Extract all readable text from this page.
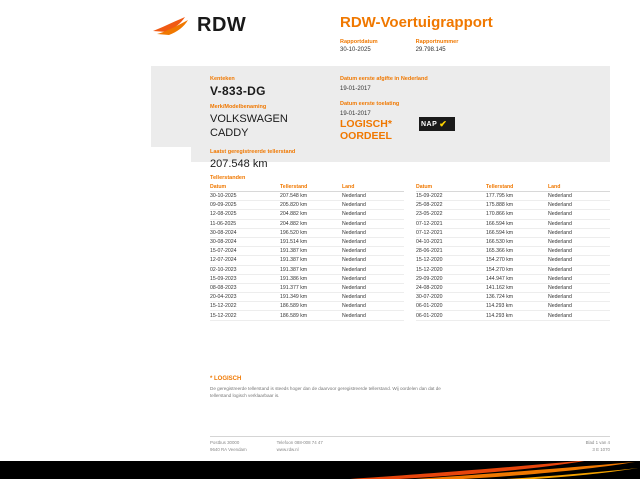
RDW	RDW-Voertuigrapport
Rapportdatum
30-10-2025
Rapportnummer
29.798.145
Kenteken
V-833-DG
Merk/Modelbenaming
VOLKSWAGEN
CADDY
Laatst geregistreerde tellerstand
207.548 km
Datum eerste afgifte in Nederland
19-01-2017
Datum eerste toelating
19-01-2017
LOGISCH*
OORDEEL
NAP ✔
Tellerstanden
Datum	Tellerstand	Land
30-10-2025	207.548 km	Nederland
09-09-2025	205.820 km	Nederland
12-08-2025	204.882 km	Nederland
11-06-2025	204.882 km	Nederland
30-08-2024	196.520 km	Nederland
30-08-2024	191.514 km	Nederland
15-07-2024	191.387 km	Nederland
12-07-2024	191.387 km	Nederland
02-10-2023	191.387 km	Nederland
15-09-2023	191.386 km	Nederland
08-08-2023	191.377 km	Nederland
20-04-2023	191.349 km	Nederland
15-12-2022	186.589 km	Nederland
15-12-2022	186.589 km	Nederland
Datum	Tellerstand	Land
15-09-2022	177.795 km	Nederland
25-08-2022	175.888 km	Nederland
23-05-2022	170.866 km	Nederland
07-12-2021	166.594 km	Nederland
07-12-2021	166.594 km	Nederland
04-10-2021	166.530 km	Nederland
28-06-2021	165.366 km	Nederland
15-12-2020	154.270 km	Nederland
15-12-2020	154.270 km	Nederland
29-09-2020	144.947 km	Nederland
24-08-2020	141.162 km	Nederland
30-07-2020	136.724 km	Nederland
06-01-2020	114.293 km	Nederland
06-01-2020	114.293 km	Nederland
* LOGISCH
De geregistreerde tellerstand is steeds hoger dan de daarvoor geregistreerde tellerstand. Wij oordelen dan dat de tellerstand logisch verklaarbaar is.
Postbus 30000
9640 RA Veendam
Telefoon 088-008 74 47
www.rdw.nl
Blad 1 van 4
3 E 1070
